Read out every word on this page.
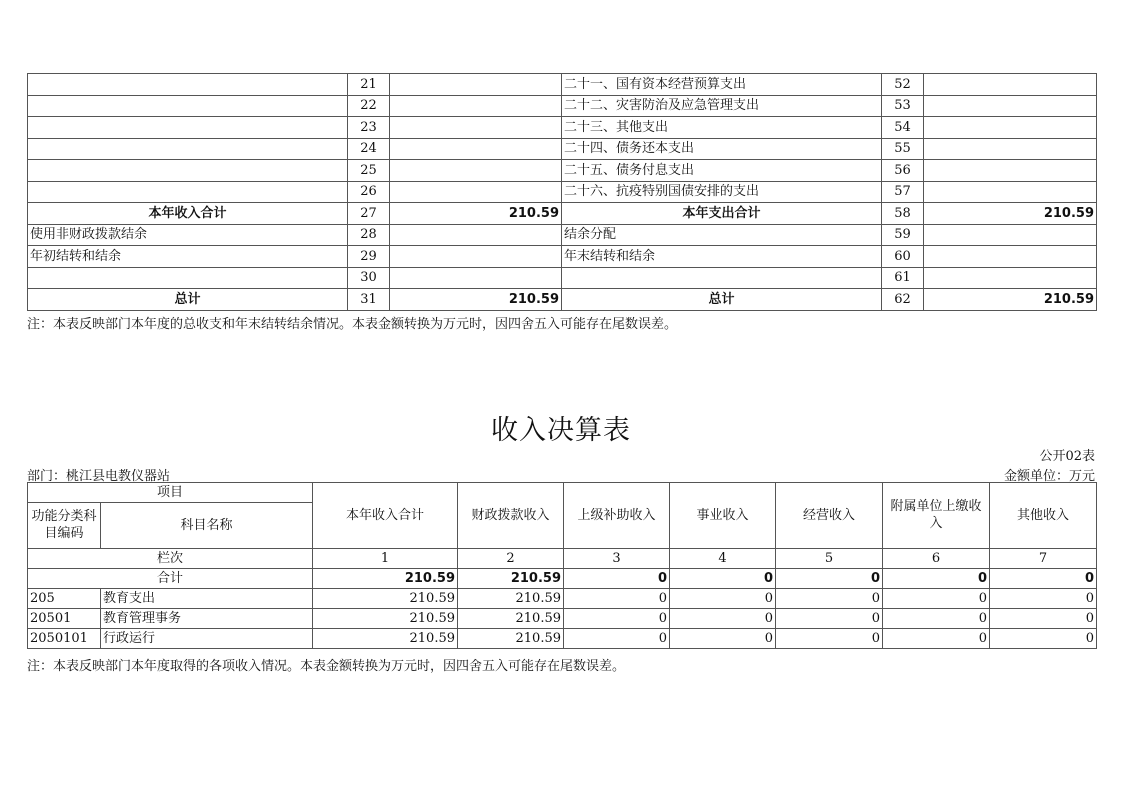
	21		二十一、国有资本经营预算支出	52	
	22		二十二、灾害防治及应急管理支出	53	
	23		二十三、其他支出	54	
	24		二十四、债务还本支出	55	
	25		二十五、债务付息支出	56	
	26		二十六、抗疫特别国债安排的支出	57	
本年收入合计	27	210.59	本年支出合计	58	210.59
使用非财政拨款结余	28		结余分配	59	
年初结转和结余	29		年末结转和结余	60	
	30			61	
总计	31	210.59	总计	62	210.59
注：本表反映部门本年度的总收支和年末结转结余情况。本表金额转换为万元时，因四舍五入可能存在尾数误差。
收入决算表
公开02表
部门：桃江县电教仪器站	金额单位：万元
项目		本年收入合计	财政拨款收入	上级补助收入	事业收入	经营收入	附属单位上缴收入	其他收入
功能分类科目编码	科目名称							
栏次		1	2	3	4	5	6	7
合计		210.59	210.59	0	0	0	0	0
205	教育支出	210.59	210.59	0	0	0	0	0
20501	教育管理事务	210.59	210.59	0	0	0	0	0
2050101	行政运行	210.59	210.59	0	0	0	0	0
注：本表反映部门本年度取得的各项收入情况。本表金额转换为万元时，因四舍五入可能存在尾数误差。
